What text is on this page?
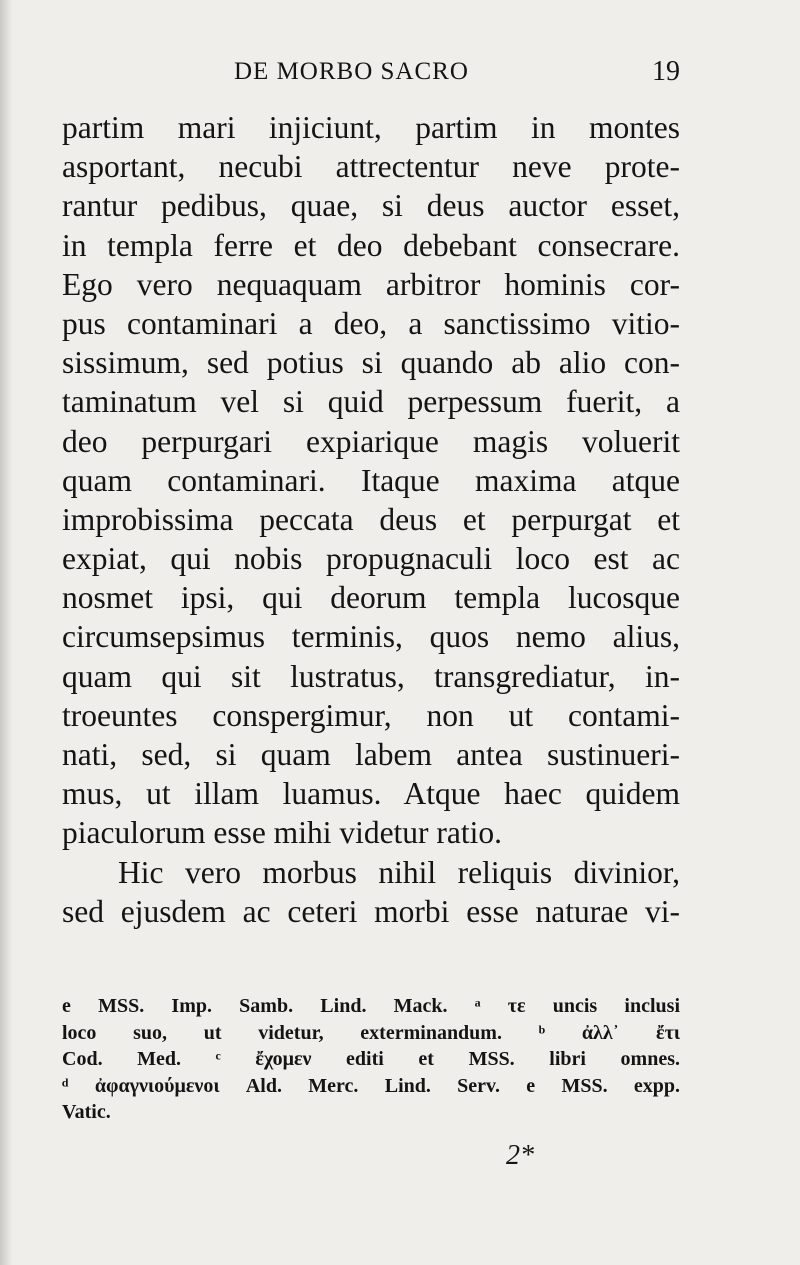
DE MORBO SACRO	19
partim mari injiciunt, partim in montes
asportant, necubi attrectentur neve prote-
rantur pedibus, quae, si deus auctor esset,
in templa ferre et deo debebant consecrare.
Ego vero nequaquam arbitror hominis cor-
pus contaminari a deo, a sanctissimo vitio-
sissimum, sed potius si quando ab alio con-
taminatum vel si quid perpessum fuerit, a
deo perpurgari expiarique magis voluerit
quam contaminari. Itaque maxima atque
improbissima peccata deus et perpurgat et
expiat, qui nobis propugnaculi loco est ac
nosmet ipsi, qui deorum templa lucosque
circumsepsimus terminis, quos nemo alius,
quam qui sit lustratus, transgrediatur, in-
troeuntes conspergimur, non ut contami-
nati, sed, si quam labem antea sustinueri-
mus, ut illam luamus. Atque haec quidem
piaculorum esse mihi videtur ratio.
Hic vero morbus nihil reliquis divinior,
sed ejusdem ac ceteri morbi esse naturae vi-
e MSS. Imp. Samb. Lind. Mack. ᵃ τε uncis inclusi
loco suo, ut videtur, exterminandum. ᵇ ἀλλ᾽ ἔτι
Cod. Med. ᶜ ἔχομεν editi et MSS. libri omnes.
ᵈ ἀφαγνιούμενοι Ald. Merc. Lind. Serv. e MSS. expp.
Vatic.
2*
